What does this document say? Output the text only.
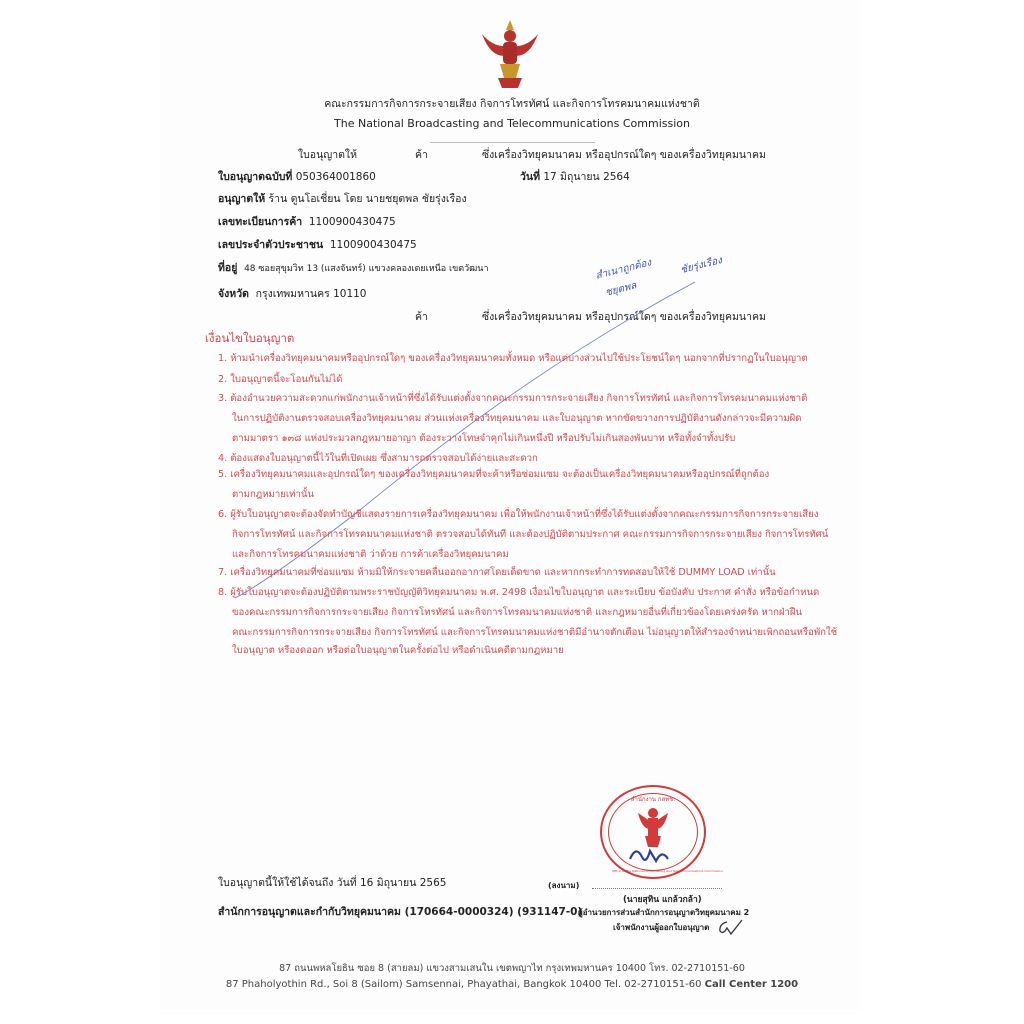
คณะกรรมการกิจการกระจายเสียง กิจการโทรทัศน์ และกิจการโทรคมนาคมแห่งชาติ
The National Broadcasting and Telecommunications Commission
ใบอนุญาตให้	ค้า	ซึ่งเครื่องวิทยุคมนาคม หรืออุปกรณ์ใดๆ ของเครื่องวิทยุคมนาคม
ใบอนุญาตฉบับที่ 050364001860	วันที่ 17 มิถุนายน 2564
อนุญาตให้ ร้าน ตูนโอเชี่ยน โดย นายชยุตพล ชัยรุ่งเรือง
เลขทะเบียนการค้า 1100900430475
เลขประจำตัวประชาชน 1100900430475
ที่อยู่ 48 ซอยสุขุมวิท 13 (แสงจันทร์) แขวงคลองเตยเหนือ เขตวัฒนา
จังหวัด กรุงเทพมหานคร 10110
ค้า	ซึ่งเครื่องวิทยุคมนาคม หรืออุปกรณ์ใดๆ ของเครื่องวิทยุคมนาคม
สำเนาถูกต้อง
ชยุตพล
ชัยรุ่งเรือง
เงื่อนไขใบอนุญาต
1. ห้ามนำเครื่องวิทยุคมนาคมหรืออุปกรณ์ใดๆ ของเครื่องวิทยุคมนาคมทั้งหมด หรือแต่บางส่วนไปใช้ประโยชน์ใดๆ นอกจากที่ปรากฏในใบอนุญาต
2. ใบอนุญาตนี้จะโอนกันไม่ได้
3. ต้องอำนวยความสะดวกแก่พนักงานเจ้าหน้าที่ซึ่งได้รับแต่งตั้งจากคณะกรรมการกระจายเสียง กิจการโทรทัศน์ และกิจการโทรคมนาคมแห่งชาติ
ในการปฏิบัติงานตรวจสอบเครื่องวิทยุคมนาคม ส่วนแห่งเครื่องวิทยุคมนาคม และใบอนุญาต หากขัดขวางการปฏิบัติงานดังกล่าวจะมีความผิด
ตามมาตรา ๑๓๘ แห่งประมวลกฎหมายอาญา ต้องระวางโทษจำคุกไม่เกินหนึ่งปี หรือปรับไม่เกินสองพันบาท หรือทั้งจำทั้งปรับ
4. ต้องแสดงใบอนุญาตนี้ไว้ในที่เปิดเผย ซึ่งสามารถตรวจสอบได้ง่ายและสะดวก
5. เครื่องวิทยุคมนาคมและอุปกรณ์ใดๆ ของเครื่องวิทยุคมนาคมที่จะค้าหรือซ่อมแซม จะต้องเป็นเครื่องวิทยุคมนาคมหรืออุปกรณ์ที่ถูกต้อง
ตามกฎหมายเท่านั้น
6. ผู้รับใบอนุญาตจะต้องจัดทำบัญชีแสดงรายการเครื่องวิทยุคมนาคม เพื่อให้พนักงานเจ้าหน้าที่ซึ่งได้รับแต่งตั้งจากคณะกรรมการกิจการกระจายเสียง
กิจการโทรทัศน์ และกิจการโทรคมนาคมแห่งชาติ ตรวจสอบได้ทันที และต้องปฏิบัติตามประกาศ คณะกรรมการกิจการกระจายเสียง กิจการโทรทัศน์
และกิจการโทรคมนาคมแห่งชาติ ว่าด้วย การค้าเครื่องวิทยุคมนาคม
7. เครื่องวิทยุคมนาคมที่ซ่อมแซม ห้ามมิให้กระจายคลื่นออกอากาศโดยเด็ดขาด และหากกระทำการทดสอบให้ใช้ DUMMY LOAD เท่านั้น
8. ผู้รับใบอนุญาตจะต้องปฏิบัติตามพระราชบัญญัติวิทยุคมนาคม พ.ศ. 2498 เงื่อนไขใบอนุญาต และระเบียบ ข้อบังคับ ประกาศ คำสั่ง หรือข้อกำหนด
ของคณะกรรมการกิจการกระจายเสียง กิจการโทรทัศน์ และกิจการโทรคมนาคมแห่งชาติ และกฎหมายอื่นที่เกี่ยวข้องโดยเคร่งครัด หากฝ่าฝืน
คณะกรรมการกิจการกระจายเสียง กิจการโทรทัศน์ และกิจการโทรคมนาคมแห่งชาติมีอำนาจตักเตือน ไม่อนุญาตให้สำรองจำหน่ายเพิกถอนหรือพักใช้
ใบอนุญาต หรืองดออก หรือต่อใบอนุญาตในครั้งต่อไป หรือดำเนินคดีตามกฎหมาย
ใบอนุญาตนี้ให้ใช้ได้จนถึง วันที่ 16 มิถุนายน 2565
สำนักการอนุญาตและกำกับวิทยุคมนาคม (170664-0000324) (931147-0)
(ลงนาม)
(นายสุทิน แกล้วกล้า)
ผู้อำนวยการส่วนสำนักการอนุญาตวิทยุคมนาคม 2
เจ้าพนักงานผู้ออกใบอนุญาต
สำนักงาน กสทช.
Office of The National Broadcasting and Telecommunications Commission
87 ถนนพหลโยธิน ซอย 8 (สายลม) แขวงสามเสนใน เขตพญาไท กรุงเทพมหานคร 10400 โทร. 02-2710151-60
87 Phaholyothin Rd., Soi 8 (Sailom) Samsennai, Phayathai, Bangkok 10400 Tel. 02-2710151-60 Call Center 1200
